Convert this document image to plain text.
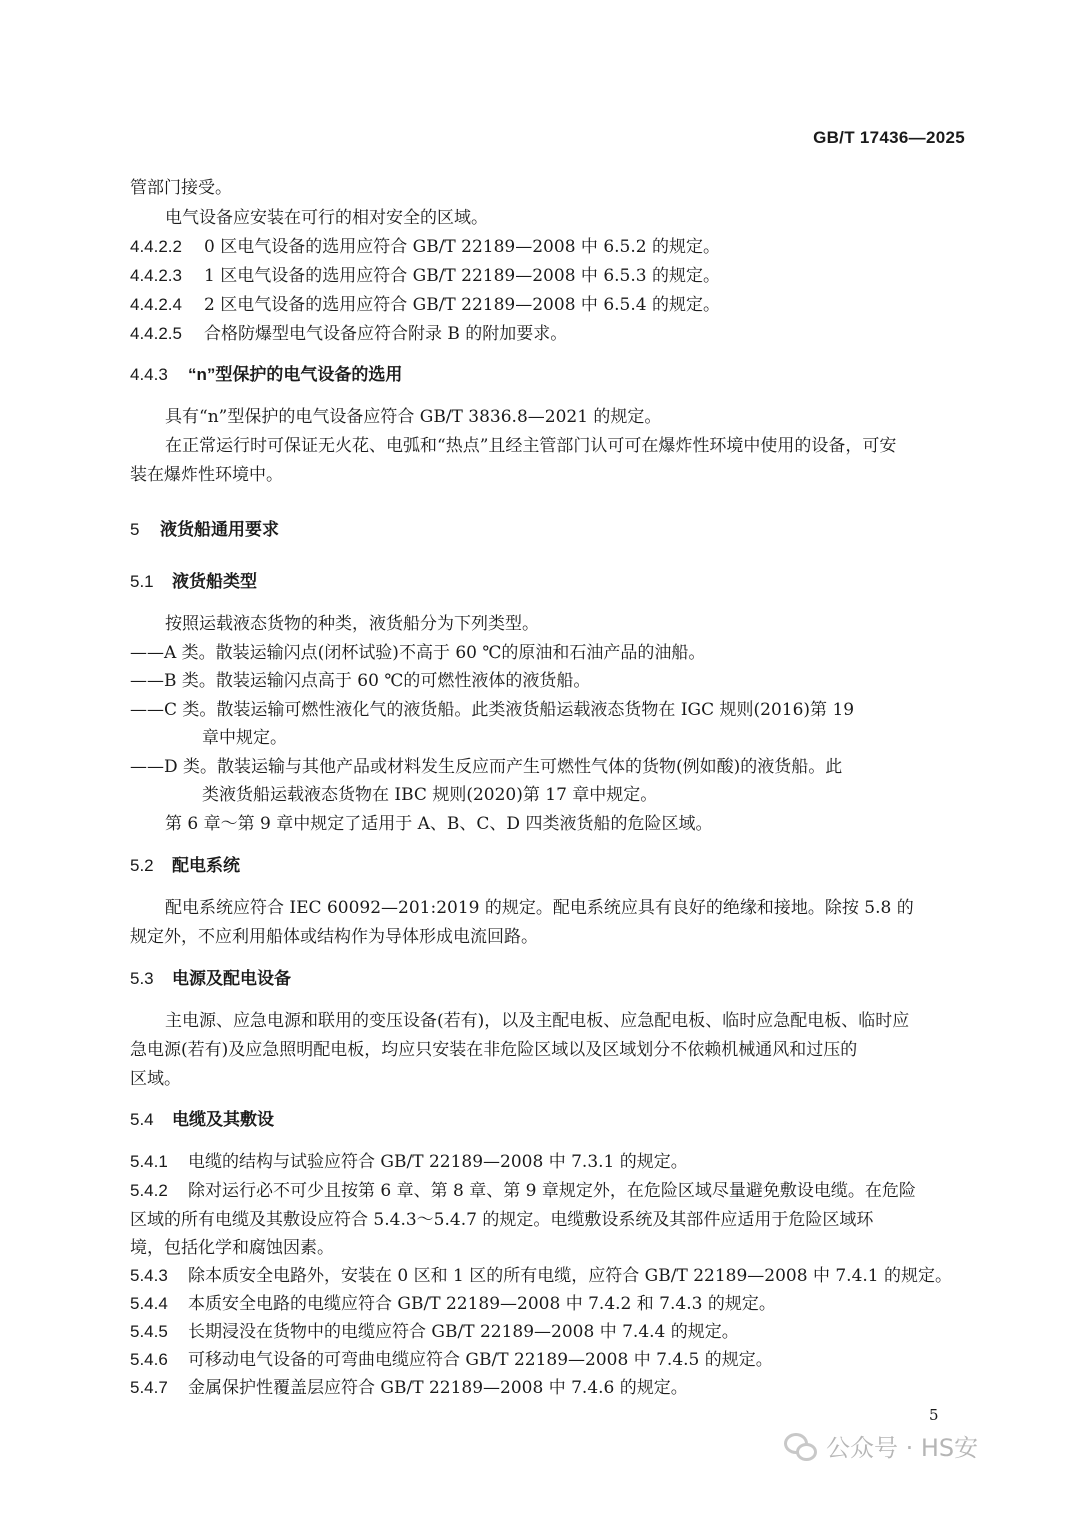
GB/T 17436—2025
管部门接受。
电气设备应安装在可行的相对安全的区域。
4.4.2.2 0 区电气设备的选用应符合 GB/T 22189—2008 中 6.5.2 的规定。
4.4.2.3 1 区电气设备的选用应符合 GB/T 22189—2008 中 6.5.3 的规定。
4.4.2.4 2 区电气设备的选用应符合 GB/T 22189—2008 中 6.5.4 的规定。
4.4.2.5 合格防爆型电气设备应符合附录 B 的附加要求。
4.4.3 “n”型保护的电气设备的选用
具有“n”型保护的电气设备应符合 GB/T 3836.8—2021 的规定。
在正常运行时可保证无火花、电弧和“热点”且经主管部门认可可在爆炸性环境中使用的设备，可安
装在爆炸性环境中。
5 液货船通用要求
5.1 液货船类型
按照运载液态货物的种类，液货船分为下列类型。
——A 类。散装运输闪点(闭杯试验)不高于 60 ℃的原油和石油产品的油船。
——B 类。散装运输闪点高于 60 ℃的可燃性液体的液货船。
——C 类。散装运输可燃性液化气的液货船。此类液货船运载液态货物在 IGC 规则(2016)第 19
章中规定。
——D 类。散装运输与其他产品或材料发生反应而产生可燃性气体的货物(例如酸)的液货船。此
类液货船运载液态货物在 IBC 规则(2020)第 17 章中规定。
第 6 章～第 9 章中规定了适用于 A、B、C、D 四类液货船的危险区域。
5.2 配电系统
配电系统应符合 IEC 60092—201:2019 的规定。配电系统应具有良好的绝缘和接地。除按 5.8 的
规定外，不应利用船体或结构作为导体形成电流回路。
5.3 电源及配电设备
主电源、应急电源和联用的变压设备(若有)，以及主配电板、应急配电板、临时应急配电板、临时应
急电源(若有)及应急照明配电板，均应只安装在非危险区域以及区域划分不依赖机械通风和过压的
区域。
5.4 电缆及其敷设
5.4.1 电缆的结构与试验应符合 GB/T 22189—2008 中 7.3.1 的规定。
5.4.2 除对运行必不可少且按第 6 章、第 8 章、第 9 章规定外，在危险区域尽量避免敷设电缆。在危险
区域的所有电缆及其敷设应符合 5.4.3～5.4.7 的规定。电缆敷设系统及其部件应适用于危险区域环
境，包括化学和腐蚀因素。
5.4.3 除本质安全电路外，安装在 0 区和 1 区的所有电缆，应符合 GB/T 22189—2008 中 7.4.1 的规定。
5.4.4 本质安全电路的电缆应符合 GB/T 22189—2008 中 7.4.2 和 7.4.3 的规定。
5.4.5 长期浸没在货物中的电缆应符合 GB/T 22189—2008 中 7.4.4 的规定。
5.4.6 可移动电气设备的可弯曲电缆应符合 GB/T 22189—2008 中 7.4.5 的规定。
5.4.7 金属保护性覆盖层应符合 GB/T 22189—2008 中 7.4.6 的规定。
5
公众号 · HS安
